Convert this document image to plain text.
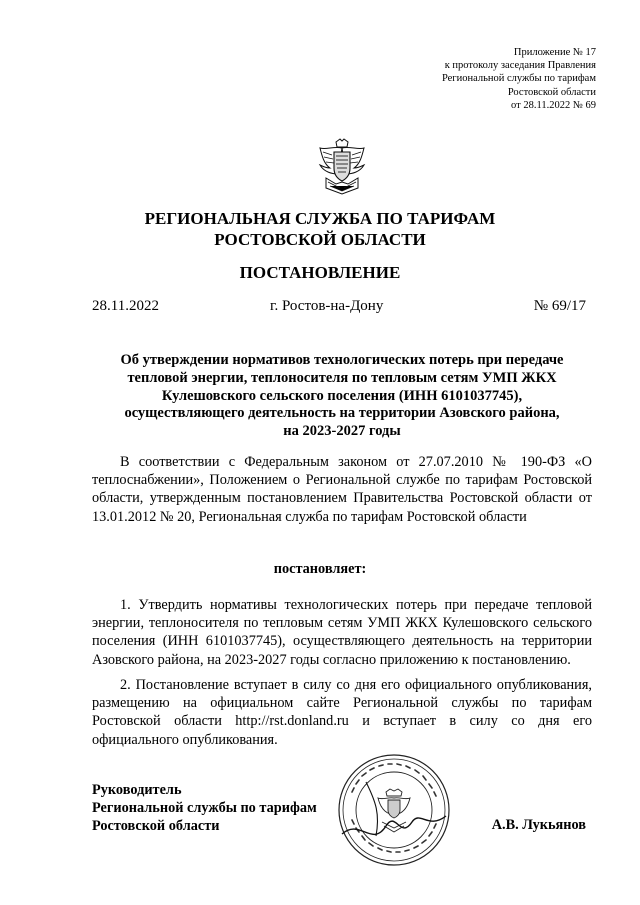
Приложение № 17
к протоколу заседания Правления
Региональной службы по тарифам
Ростовской области
от 28.11.2022 № 69
РЕГИОНАЛЬНАЯ СЛУЖБА ПО ТАРИФАМ
РОСТОВСКОЙ ОБЛАСТИ
ПОСТАНОВЛЕНИЕ
28.11.2022	г. Ростов-на-Дону	№ 69/17
Об утверждении нормативов технологических потерь при передаче
тепловой энергии, теплоносителя по тепловым сетям УМП ЖКХ
Кулешовского сельского поселения (ИНН 6101037745),
осуществляющего деятельность на территории Азовского района,
на 2023-2027 годы
В соответствии с Федеральным законом от 27.07.2010 № 190-ФЗ «О теплоснабжении», Положением о Региональной службе по тарифам Ростовской области, утвержденным постановлением Правительства Ростовской области от 13.01.2012 № 20, Региональная служба по тарифам Ростовской области
постановляет:
1. Утвердить нормативы технологических потерь при передаче тепловой энергии, теплоносителя по тепловым сетям УМП ЖКХ Кулешовского сельского поселения (ИНН 6101037745), осуществляющего деятельность на территории Азовского района, на 2023-2027 годы согласно приложению к постановлению.
2. Постановление вступает в силу со дня его официального опубликования, размещению на официальном сайте Региональной службы по тарифам Ростовской области http://rst.donland.ru и вступает в силу со дня его официального опубликования.
Руководитель
Региональной службы по тарифам
Ростовской области	А.В. Лукьянов
